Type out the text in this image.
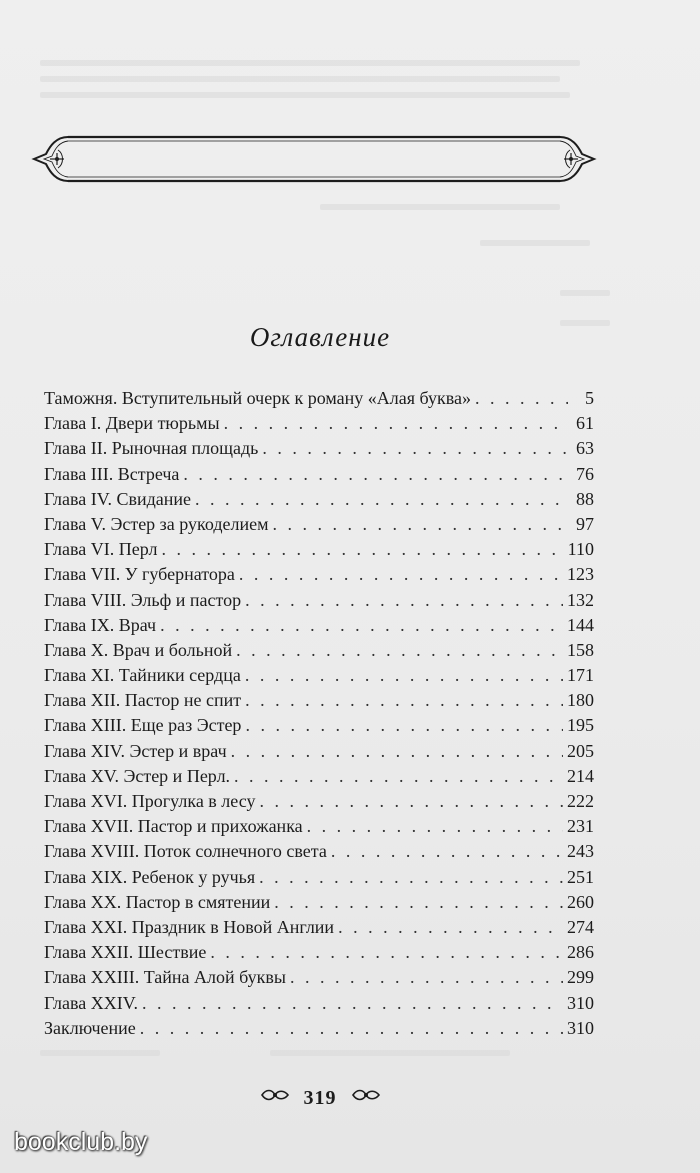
Оглавление
Таможня. Вступительный очерк к роману «Алая буква» . . .	5
Глава I. Двери тюрьмы . . .	61
Глава II. Рыночная площадь . . .	63
Глава III. Встреча . . .	76
Глава IV. Свидание . . .	88
Глава V. Эстер за рукоделием . . .	97
Глава VI. Перл . . .	110
Глава VII. У губернатора . . .	123
Глава VIII. Эльф и пастор . . .	132
Глава IX. Врач . . .	144
Глава X. Врач и больной . . .	158
Глава XI. Тайники сердца . . .	171
Глава XII. Пастор не спит . . .	180
Глава XIII. Еще раз Эстер . . .	195
Глава XIV. Эстер и врач . . .	205
Глава XV. Эстер и Перл. . . .	214
Глава XVI. Прогулка в лесу . . .	222
Глава XVII. Пастор и прихожанка . . .	231
Глава XVIII. Поток солнечного света . . .	243
Глава XIX. Ребенок у ручья . . .	251
Глава XX. Пастор в смятении . . .	260
Глава XXI. Праздник в Новой Англии . . .	274
Глава XXII. Шествие . . .	286
Глава XXIII. Тайна Алой буквы . . .	299
Глава XXIV. . . .	310
Заключение . . .	310
319
bookclub.by
